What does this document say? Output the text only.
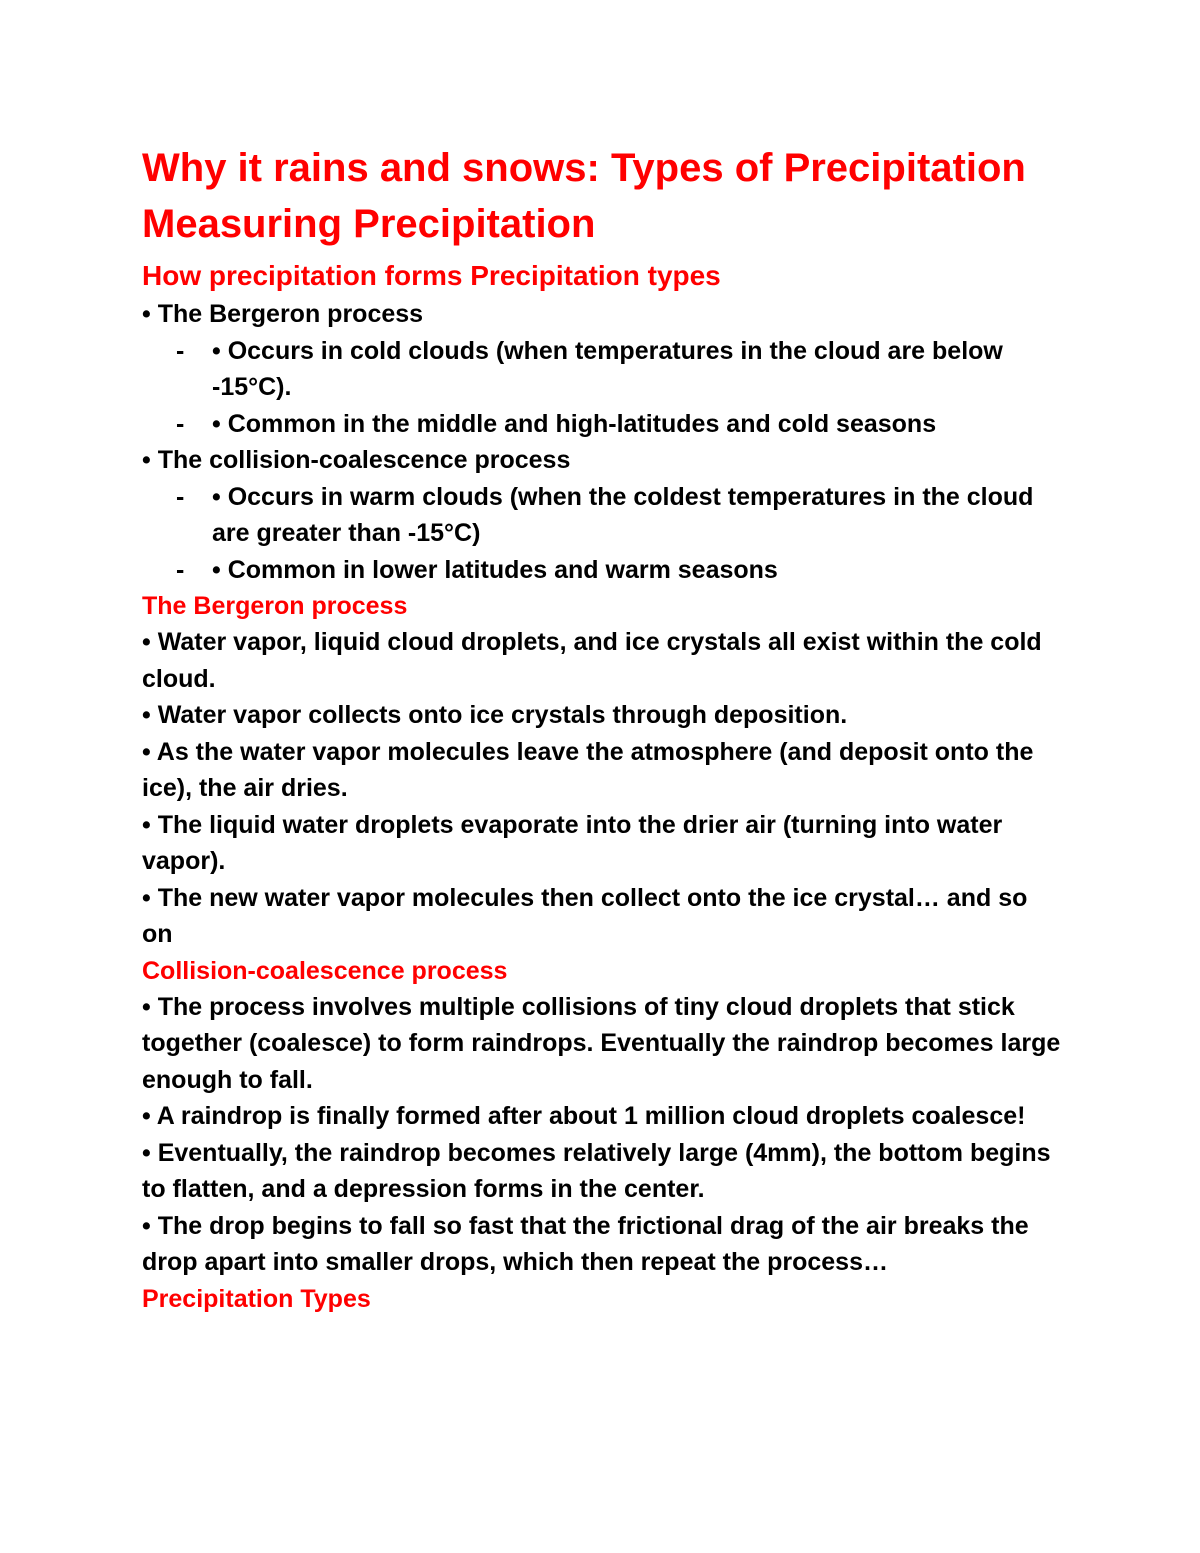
Why it rains and snows: Types of Precipitation Measuring Precipitation
How precipitation forms Precipitation types

• The Bergeron process

- • Occurs in cold clouds (when temperatures in the cloud are below -15°C).
- • Common in the middle and high-latitudes and cold seasons

• The collision-coalescence process

- • Occurs in warm clouds (when the coldest temperatures in the cloud are greater than -15°C)
- • Common in lower latitudes and warm seasons

The Bergeron process

• Water vapor, liquid cloud droplets, and ice crystals all exist within the cold cloud.

• Water vapor collects onto ice crystals through deposition.

• As the water vapor molecules leave the atmosphere (and deposit onto the ice), the air dries.

• The liquid water droplets evaporate into the drier air (turning into water vapor).

• The new water vapor molecules then collect onto the ice crystal… and so on

Collision-coalescence process

• The process involves multiple collisions of tiny cloud droplets that stick together (coalesce) to form raindrops. Eventually the raindrop becomes large enough to fall.

• A raindrop is finally formed after about 1 million cloud droplets coalesce!

• Eventually, the raindrop becomes relatively large (4mm), the bottom begins to flatten, and a depression forms in the center.

• The drop begins to fall so fast that the frictional drag of the air breaks the drop apart into smaller drops, which then repeat the process…

Precipitation Types
